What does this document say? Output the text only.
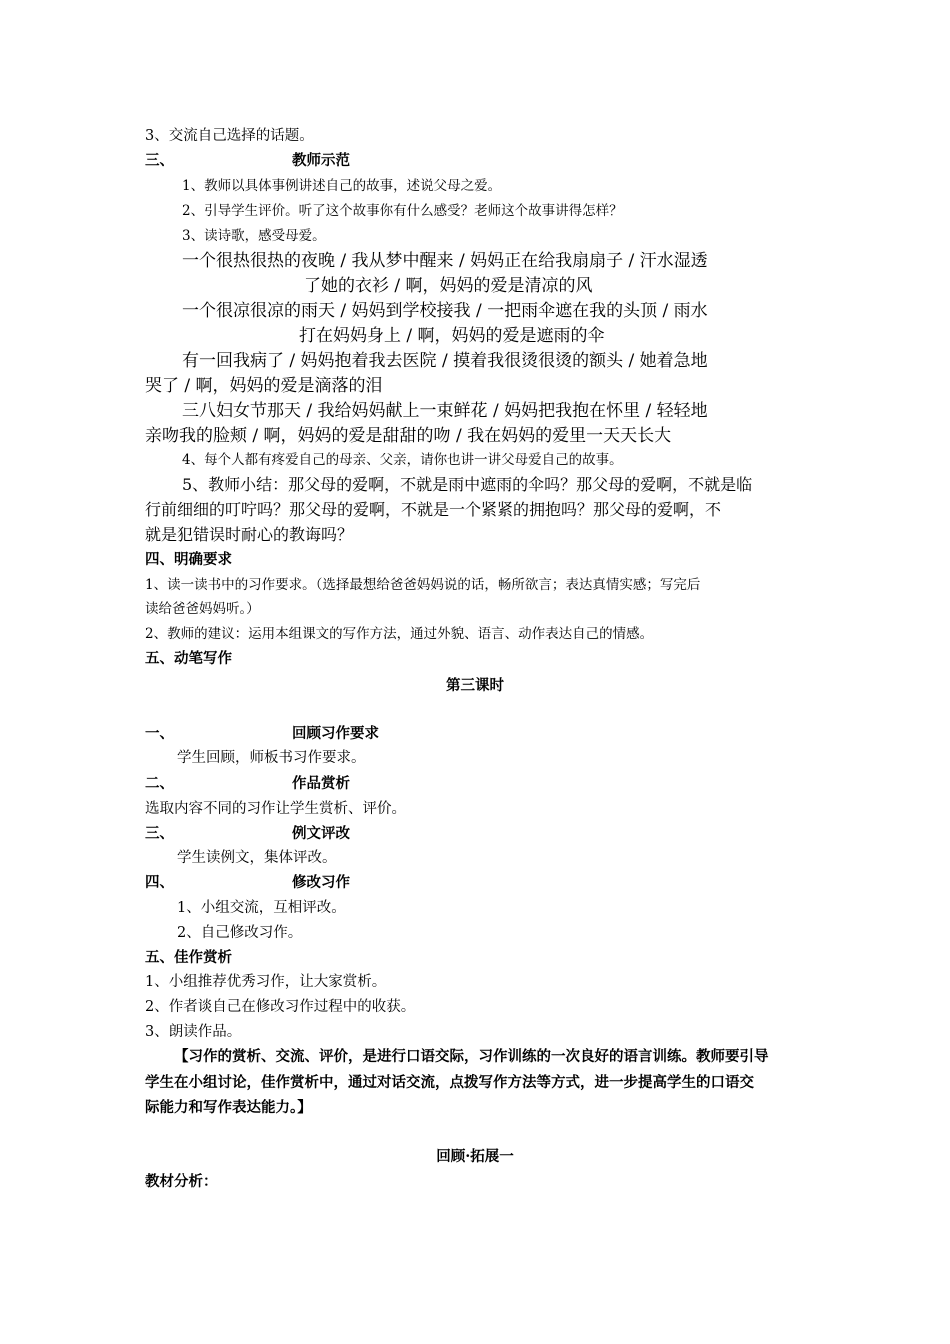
3、交流自己选择的话题。
三、	教师示范
1、教师以具体事例讲述自己的故事，述说父母之爱。
2、引导学生评价。听了这个故事你有什么感受？老师这个故事讲得怎样？
3、读诗歌，感受母爱。
一个很热很热的夜晚 / 我从梦中醒来 / 妈妈正在给我扇扇子 / 汗水湿透
了她的衣衫 / 啊，妈妈的爱是清凉的风
一个很凉很凉的雨天 / 妈妈到学校接我 / 一把雨伞遮在我的头顶 / 雨水
打在妈妈身上 / 啊，妈妈的爱是遮雨的伞
有一回我病了 / 妈妈抱着我去医院 / 摸着我很烫很烫的额头 / 她着急地
哭了 / 啊，妈妈的爱是滴落的泪
三八妇女节那天 / 我给妈妈献上一束鲜花 / 妈妈把我抱在怀里 / 轻轻地
亲吻我的脸颊 / 啊，妈妈的爱是甜甜的吻 / 我在妈妈的爱里一天天长大
4、每个人都有疼爱自己的母亲、父亲，请你也讲一讲父母爱自己的故事。
5、教师小结：那父母的爱啊，不就是雨中遮雨的伞吗？那父母的爱啊，不就是临
行前细细的叮咛吗？那父母的爱啊，不就是一个紧紧的拥抱吗？那父母的爱啊，不
就是犯错误时耐心的教诲吗？
四、明确要求
1、读一读书中的习作要求。（选择最想给爸爸妈妈说的话，畅所欲言；表达真情实感；写完后
读给爸爸妈妈听。）
2、教师的建议：运用本组课文的写作方法，通过外貌、语言、动作表达自己的情感。
五、动笔写作
第三课时
一、	回顾习作要求
学生回顾，师板书习作要求。
二、	作品赏析
选取内容不同的习作让学生赏析、评价。
三、	例文评改
学生读例文，集体评改。
四、	修改习作
1、小组交流，互相评改。
2、自己修改习作。
五、佳作赏析
1、小组推荐优秀习作，让大家赏析。
2、作者谈自己在修改习作过程中的收获。
3、朗读作品。
【习作的赏析、交流、评价，是进行口语交际，习作训练的一次良好的语言训练。教师要引导
学生在小组讨论，佳作赏析中，通过对话交流，点拨写作方法等方式，进一步提高学生的口语交
际能力和写作表达能力。】
回顾·拓展一
教材分析：
